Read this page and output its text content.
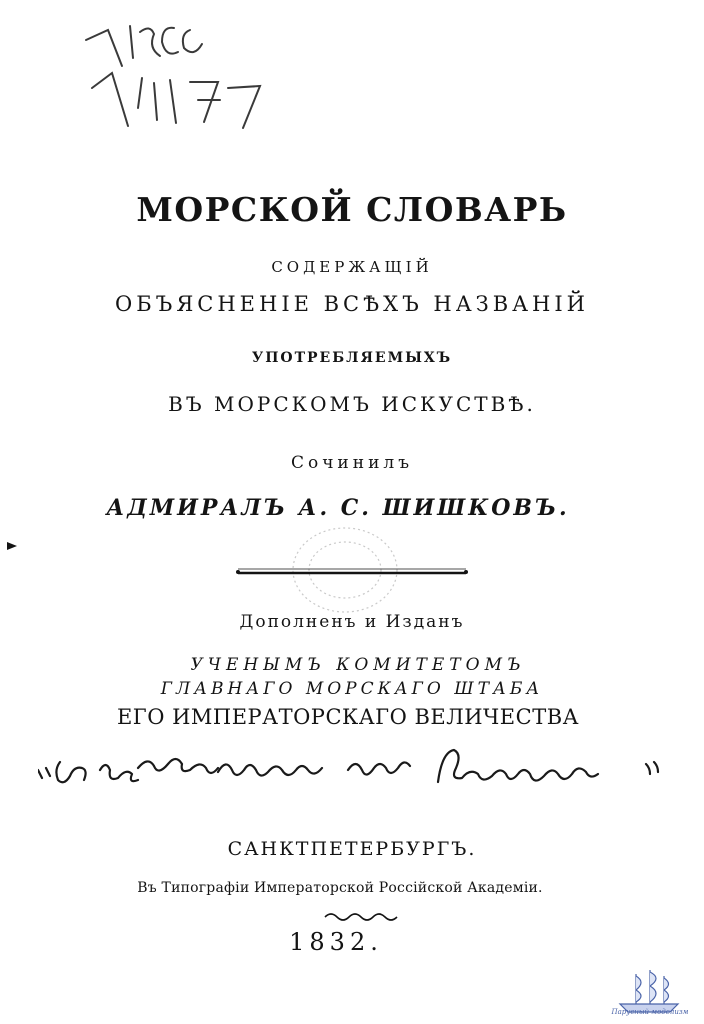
МОРСКОЙ СЛОВАРЬ
СОДЕРЖАЩIЙ
ОБЪЯСНЕНIЕ ВСѢХЪ НАЗВАНIЙ
УПОТРЕБЛЯЕМЫХЪ
ВЪ МОРСКОМЪ ИСКУСТВѢ.
Сочинилъ
АДМИРАЛЪ А. С. ШИШКОВЪ.
Дополненъ и Изданъ
УЧЕНЫМЪ КОМИТЕТОМЪ
ГЛАВНАГО МОРСКАГО ШТАБА
ЕГО ИМПЕРАТОРСКАГО ВЕЛИЧЕСТВА
САНКТПЕТЕРБУРГЪ.
Въ Типографiи Императорской Россiйской Академiи.
1832.
Парусный моделизм
